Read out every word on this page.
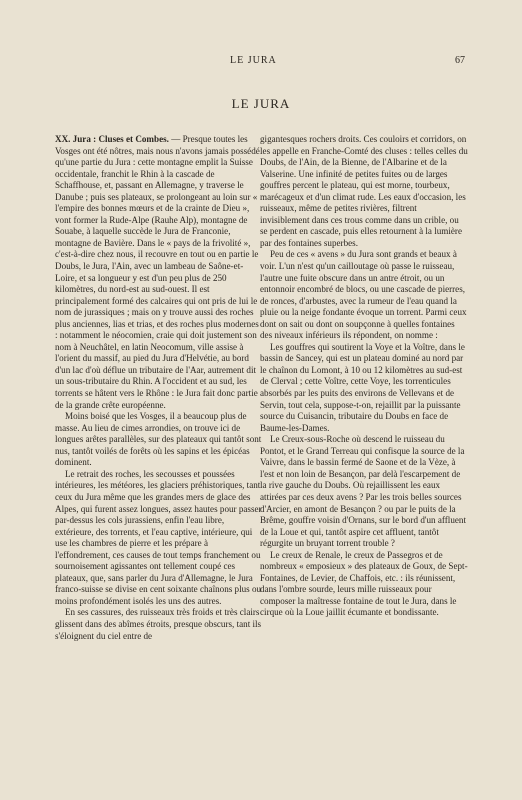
LE JURA	67
LE JURA

XX. Jura : Cluses et Combes. — Presque toutes les Vosges ont été nôtres, mais nous n'avons jamais possédé qu'une partie du Jura : cette montagne emplit la Suisse occidentale, franchit le Rhin à la cascade de Schaffhouse, et, passant en Allemagne, y traverse le Danube ; puis ses plateaux, se prolongeant au loin sur « l'empire des bonnes mœurs et de la crainte de Dieu », vont former la Rude-Alpe (Rauhe Alp), montagne de Souabe, à laquelle succède le Jura de Franconie, montagne de Bavière. Dans le « pays de la frivolité », c'est-à-dire chez nous, il recouvre en tout ou en partie le Doubs, le Jura, l'Ain, avec un lambeau de Saône-et-Loire, et sa longueur y est d'un peu plus de 250 kilomètres, du nord-est au sud-ouest. Il est principalement formé des calcaires qui ont pris de lui le nom de jurassiques ; mais on y trouve aussi des roches plus anciennes, lias et trias, et des roches plus modernes : notamment le néocomien, craie qui doit justement son nom à Neuchâtel, en latin Neocomum, ville assise à l'orient du massif, au pied du Jura d'Helvétie, au bord d'un lac d'où défluе un tributaire de l'Aar, autrement dit un sous-tributaire du Rhin. A l'occident et au sud, les torrents se hâtent vers le Rhône : le Jura fait donc partie de la grande crête européenne.

Moins boisé que les Vosges, il a beaucoup plus de masse. Au lieu de cimes arrondies, on trouve ici de longues arêtes parallèles, sur des plateaux qui tantôt sont nus, tantôt voilés de forêts où les sapins et les épicéas dominent.

Le retrait des roches, les secousses et poussées intérieures, les météores, les glaciers préhistoriques, tant ceux du Jura même que les grandes mers de glace des Alpes, qui furent assez longues, assez hautes pour passer par-dessus les cols jurassiens, enfin l'eau libre, extérieure, des torrents, et l'eau captive, intérieure, qui use les chambres de pierre et les prépare à l'effondrement, ces causes de tout temps franchement ou sournoisement agissantes ont tellement coupé ces plateaux, que, sans parler du Jura d'Allemagne, le Jura franco-suisse se divise en cent soixante chaînons plus ou moins profondément isolés les uns des autres.

En ses cassures, des ruisseaux très froids et très clairs glissent dans des abîmes étroits, presque obscurs, tant ils s'éloignent du ciel entre de

gigantesques rochers droits. Ces couloirs et corridors, on les appelle en Franche-Comté des cluses : telles celles du Doubs, de l'Ain, de la Bienne, de l'Albarine et de la Valserine. Une infinité de petites fuites ou de larges gouffres percent le plateau, qui est morne, tourbeux, marécageux et d'un climat rude. Les eaux d'occasion, les ruisseaux, même de petites rivières, filtrent invisiblement dans ces trous comme dans un crible, ou se perdent en cascade, puis elles retournent à la lumière par des fontaines superbes.

Peu de ces « avens » du Jura sont grands et beaux à voir. L'un n'est qu'un cailloutage où passe le ruisseau, l'autre une fuite obscure dans un antre étroit, ou un entonnoir encombré de blocs, ou une cascade de pierres, de ronces, d'arbustes, avec la rumeur de l'eau quand la pluie ou la neige fondante évoque un torrent. Parmi ceux dont on sait ou dont on soupçonne à quelles fontaines des niveaux inférieurs ils répondent, on nomme :

Les gouffres qui soutirent la Voye et la Voître, dans le bassin de Sancey, qui est un plateau dominé au nord par le chaînon du Lomont, à 10 ou 12 kilomètres au sud-est de Clerval ; cette Voître, cette Voye, les torrenticules absorbés par les puits des environs de Vellevans et de Servin, tout cela, suppose-t-on, rejaillit par la puissante source du Cuisancin, tributaire du Doubs en face de Baume-les-Dames.

Le Creux-sous-Roche où descend le ruisseau du Pontot, et le Grand Terreau qui confisque la source de la Vaivre, dans le bassin fermé de Saone et de la Vèze, à l'est et non loin de Besançon, par delà l'escarpement de la rive gauche du Doubs. Où rejaillissent les eaux attirées par ces deux avens ? Par les trois belles sources d'Arcier, en amont de Besançon ? ou par le puits de la Brême, gouffre voisin d'Ornans, sur le bord d'un affluent de la Loue et qui, tantôt aspire cet affluent, tantôt régurgite un bruyant torrent trouble ?

Le creux de Renale, le creux de Passegros et de nombreux « emposieux » des plateaux de Goux, de Sept-Fontaines, de Levier, de Chaffois, etc. : ils réunissent, dans l'ombre sourde, leurs mille ruisseaux pour composer la maîtresse fontaine de tout le Jura, dans le cirque où la Loue jaillit écumante et bondissante.
